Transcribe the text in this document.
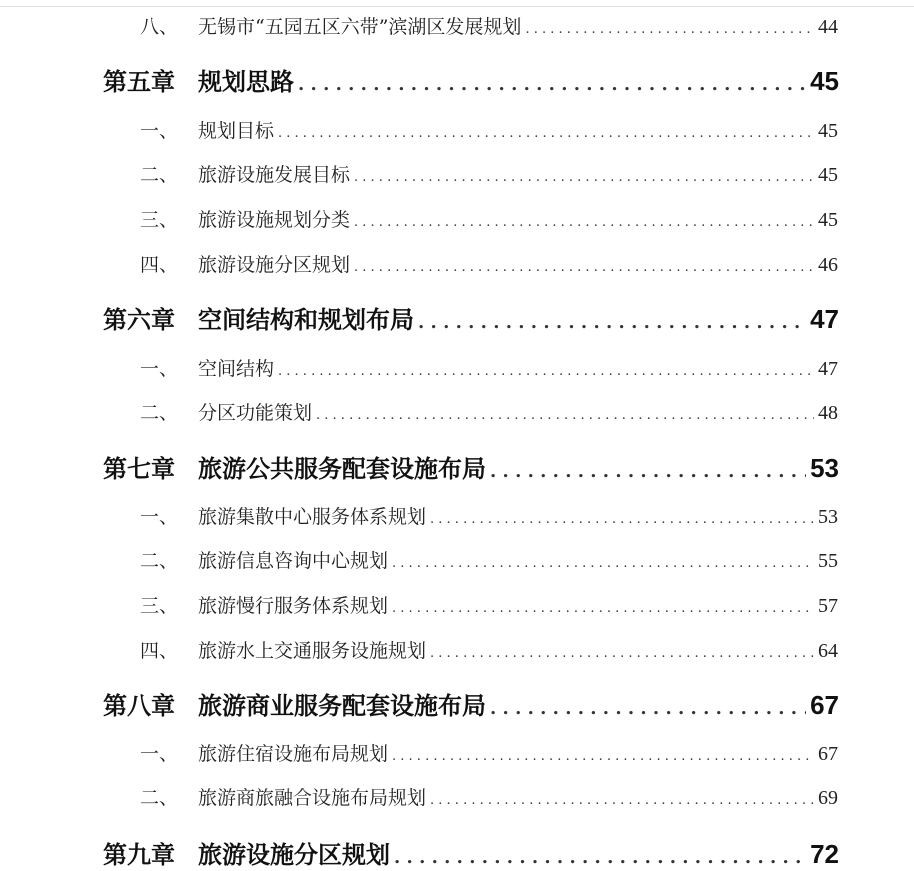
八、	无锡市“五园五区六带”滨湖区发展规划 . . .	44
第五章 规划思路 . . .	45
一、	规划目标 . . .	45
二、	旅游设施发展目标 . . .	45
三、	旅游设施规划分类 . . .	45
四、	旅游设施分区规划 . . .	46
第六章 空间结构和规划布局 . . .	47
一、	空间结构 . . .	47
二、	分区功能策划 . . .	48
第七章 旅游公共服务配套设施布局 . . .	53
一、	旅游集散中心服务体系规划 . . .	53
二、	旅游信息咨询中心规划 . . .	55
三、	旅游慢行服务体系规划 . . .	57
四、	旅游水上交通服务设施规划 . . .	64
第八章 旅游商业服务配套设施布局 . . .	67
一、	旅游住宿设施布局规划 . . .	67
二、	旅游商旅融合设施布局规划 . . .	69
第九章 旅游设施分区规划 . . .	72
